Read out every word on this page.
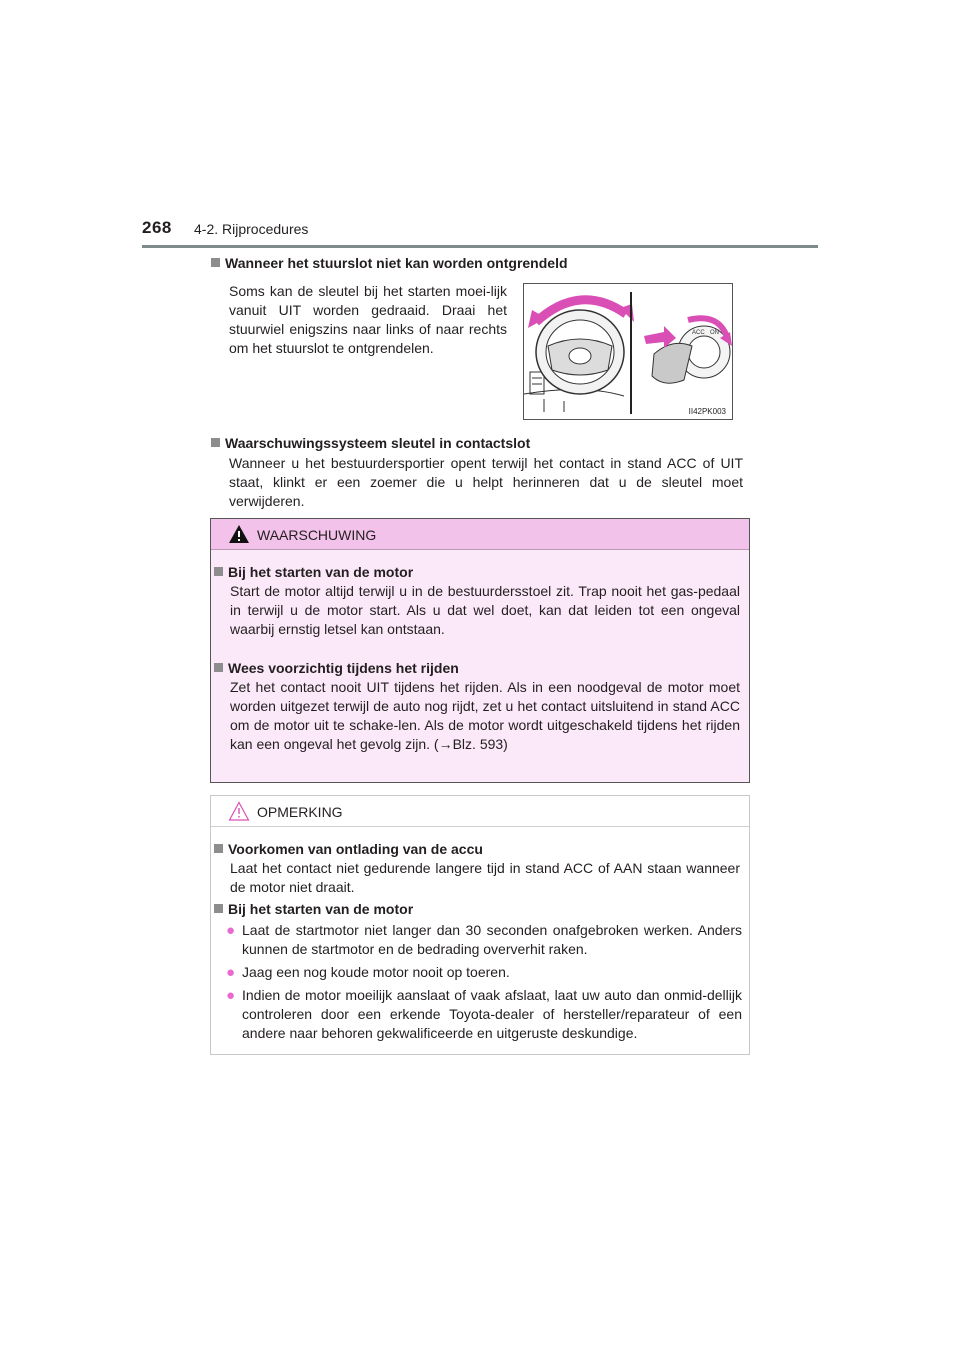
268 4-2. Rijprocedures
Wanneer het stuurslot niet kan worden ontgrendeld
Soms kan de sleutel bij het starten moei-lijk vanuit UIT worden gedraaid. Draai het stuurwiel enigszins naar links of naar rechts om het stuurslot te ontgrendelen.
ACC ON
II42PK003
Waarschuwingssysteem sleutel in contactslot
Wanneer u het bestuurdersportier opent terwijl het contact in stand ACC of UIT staat, klinkt er een zoemer die u helpt herinneren dat u de sleutel moet verwijderen.
WAARSCHUWING
Bij het starten van de motor
Start de motor altijd terwijl u in de bestuurdersstoel zit. Trap nooit het gas-pedaal in terwijl u de motor start. Als u dat wel doet, kan dat leiden tot een ongeval waarbij ernstig letsel kan ontstaan.
Wees voorzichtig tijdens het rijden
Zet het contact nooit UIT tijdens het rijden. Als in een noodgeval de motor moet worden uitgezet terwijl de auto nog rijdt, zet u het contact uitsluitend in stand ACC om de motor uit te schake-len. Als de motor wordt uitgeschakeld tijdens het rijden kan een ongeval het gevolg zijn. (→Blz. 593)
OPMERKING
Voorkomen van ontlading van de accu
Laat het contact niet gedurende langere tijd in stand ACC of AAN staan wanneer de motor niet draait.
Bij het starten van de motor
● Laat de startmotor niet langer dan 30 seconden onafgebroken werken. Anders kunnen de startmotor en de bedrading oververhit raken.
● Jaag een nog koude motor nooit op toeren.
● Indien de motor moeilijk aanslaat of vaak afslaat, laat uw auto dan onmid-dellijk controleren door een erkende Toyota-dealer of hersteller/reparateur of een andere naar behoren gekwalificeerde en uitgeruste deskundige.
